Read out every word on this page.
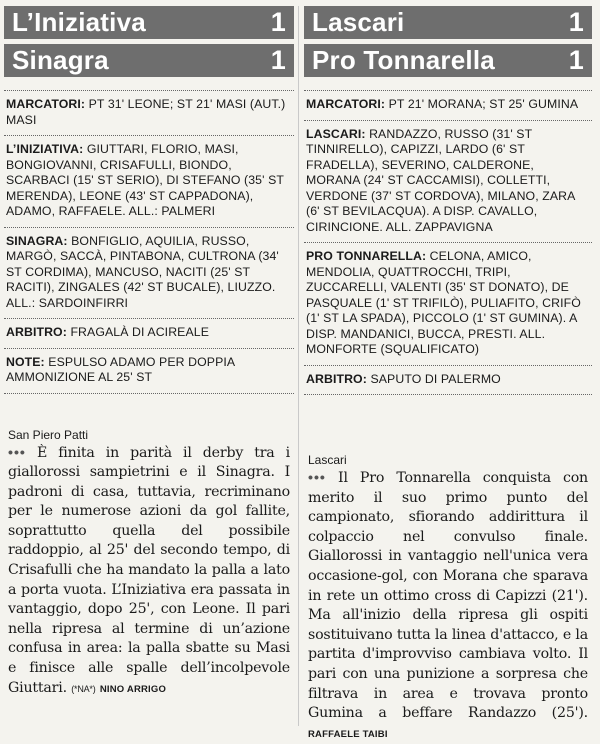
L’Iniziativa	1
Sinagra	1
MARCATORI: PT 31' LEONE; ST 21' MASI (AUT.) MASI
L’INIZIATIVA: GIUTTARI, FLORIO, MASI, BONGIOVANNI, CRISAFULLI, BIONDO, SCARBACI (15' ST SERIO), DI STEFANO (35' ST MERENDA), LEONE (43' ST CAPPADONA), ADAMO, RAFFAELE. ALL.: PALMERI
SINAGRA: BONFIGLIO, AQUILIA, RUSSO, MARGÒ, SACCÀ, PINTABONA, CULTRONA (34' ST CORDIMA), MANCUSO, NACITI (25' ST RACITI), ZINGALES (42' ST BUCALE), LIUZZO. ALL.: SARDOINFIRRI
ARBITRO: FRAGALÀ DI ACIREALE
NOTE: ESPULSO ADAMO PER DOPPIA AMMONIZIONE AL 25' ST
San Piero Patti
••• È finita in parità il derby tra i giallorossi sampietrini e il Sinagra. I padroni di casa, tuttavia, recriminano per le numerose azioni da gol fallite, soprattutto quella del possibile raddoppio, al 25' del secondo tempo, di Crisafulli che ha mandato la palla a lato a porta vuota. L’Iniziativa era passata in vantaggio, dopo 25', con Leone. Il pari nella ripresa al termine di un’azione confusa in area: la palla sbatte su Masi e finisce alle spalle dell’incolpevole Giuttari. (*NA*) NINO ARRIGO
Lascari	1
Pro Tonnarella	1
MARCATORI: PT 21' MORANA; ST 25' GUMINA
LASCARI: RANDAZZO, RUSSO (31' ST TINNIRELLO), CAPIZZI, LARDO (6' ST FRADELLA), SEVERINO, CALDERONE, MORANA (24' ST CACCAMISI), COLLETTI, VERDONE (37' ST CORDOVA), MILANO, ZARA (6' ST BEVILACQUA). A DISP. CAVALLO, CIRINCIONE. ALL. ZAPPAVIGNA
PRO TONNARELLA: CELONA, AMICO, MENDOLIA, QUATTROCCHI, TRIPI, ZUCCARELLI, VALENTI (35' ST DONATO), DE PASQUALE (1' ST TRIFILÒ), PULIAFITO, CRIFÒ (1' ST LA SPADA), PICCOLO (1' ST GUMINA). A DISP. MANDANICI, BUCCA, PRESTI. ALL. MONFORTE (SQUALIFICATO)
ARBITRO: SAPUTO DI PALERMO
Lascari
••• Il Pro Tonnarella conquista con merito il suo primo punto del campionato, sfiorando addirittura il colpaccio nel convulso finale. Giallorossi in vantaggio nell'unica vera occasione-gol, con Morana che sparava in rete un ottimo cross di Capizzi (21'). Ma all'inizio della ripresa gli ospiti sostituivano tutta la linea d'attacco, e la partita d'improvviso cambiava volto. Il pari con una punizione a sorpresa che filtrava in area e trovava pronto Gumina a beffare Randazzo (25'). RAFFAELE TAIBI
